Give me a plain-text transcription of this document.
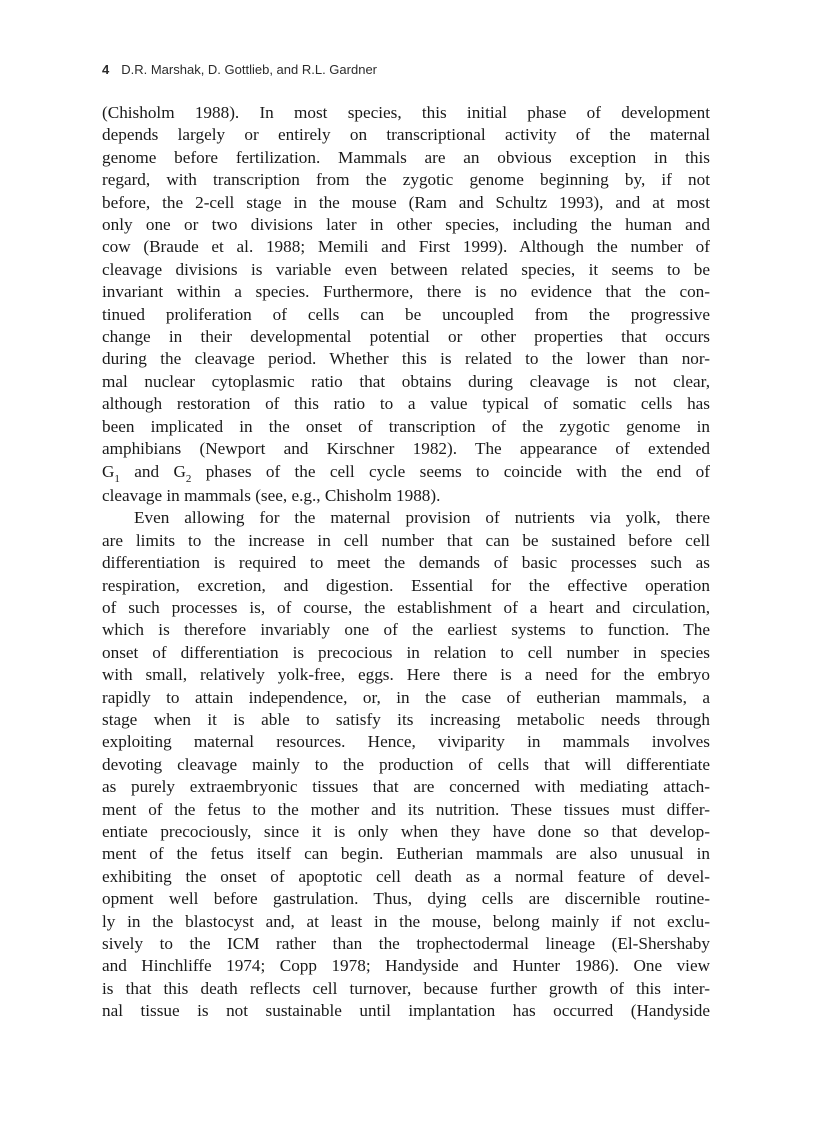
4 D.R. Marshak, D. Gottlieb, and R.L. Gardner
(Chisholm 1988). In most species, this initial phase of development
depends largely or entirely on transcriptional activity of the maternal
genome before fertilization. Mammals are an obvious exception in this
regard, with transcription from the zygotic genome beginning by, if not
before, the 2-cell stage in the mouse (Ram and Schultz 1993), and at most
only one or two divisions later in other species, including the human and
cow (Braude et al. 1988; Memili and First 1999). Although the number of
cleavage divisions is variable even between related species, it seems to be
invariant within a species. Furthermore, there is no evidence that the con-
tinued proliferation of cells can be uncoupled from the progressive
change in their developmental potential or other properties that occurs
during the cleavage period. Whether this is related to the lower than nor-
mal nuclear cytoplasmic ratio that obtains during cleavage is not clear,
although restoration of this ratio to a value typical of somatic cells has
been implicated in the onset of transcription of the zygotic genome in
amphibians (Newport and Kirschner 1982). The appearance of extended
$G_1$ and $G_2$ phases of the cell cycle seems to coincide with the end of
cleavage in mammals (see, e.g., Chisholm 1988).
Even allowing for the maternal provision of nutrients via yolk, there
are limits to the increase in cell number that can be sustained before cell
differentiation is required to meet the demands of basic processes such as
respiration, excretion, and digestion. Essential for the effective operation
of such processes is, of course, the establishment of a heart and circulation,
which is therefore invariably one of the earliest systems to function. The
onset of differentiation is precocious in relation to cell number in species
with small, relatively yolk-free, eggs. Here there is a need for the embryo
rapidly to attain independence, or, in the case of eutherian mammals, a
stage when it is able to satisfy its increasing metabolic needs through
exploiting maternal resources. Hence, viviparity in mammals involves
devoting cleavage mainly to the production of cells that will differentiate
as purely extraembryonic tissues that are concerned with mediating attach-
ment of the fetus to the mother and its nutrition. These tissues must differ-
entiate precociously, since it is only when they have done so that develop-
ment of the fetus itself can begin. Eutherian mammals are also unusual in
exhibiting the onset of apoptotic cell death as a normal feature of devel-
opment well before gastrulation. Thus, dying cells are discernible routine-
ly in the blastocyst and, at least in the mouse, belong mainly if not exclu-
sively to the ICM rather than the trophectodermal lineage (El-Shershaby
and Hinchliffe 1974; Copp 1978; Handyside and Hunter 1986). One view
is that this death reflects cell turnover, because further growth of this inter-
nal tissue is not sustainable until implantation has occurred (Handyside
